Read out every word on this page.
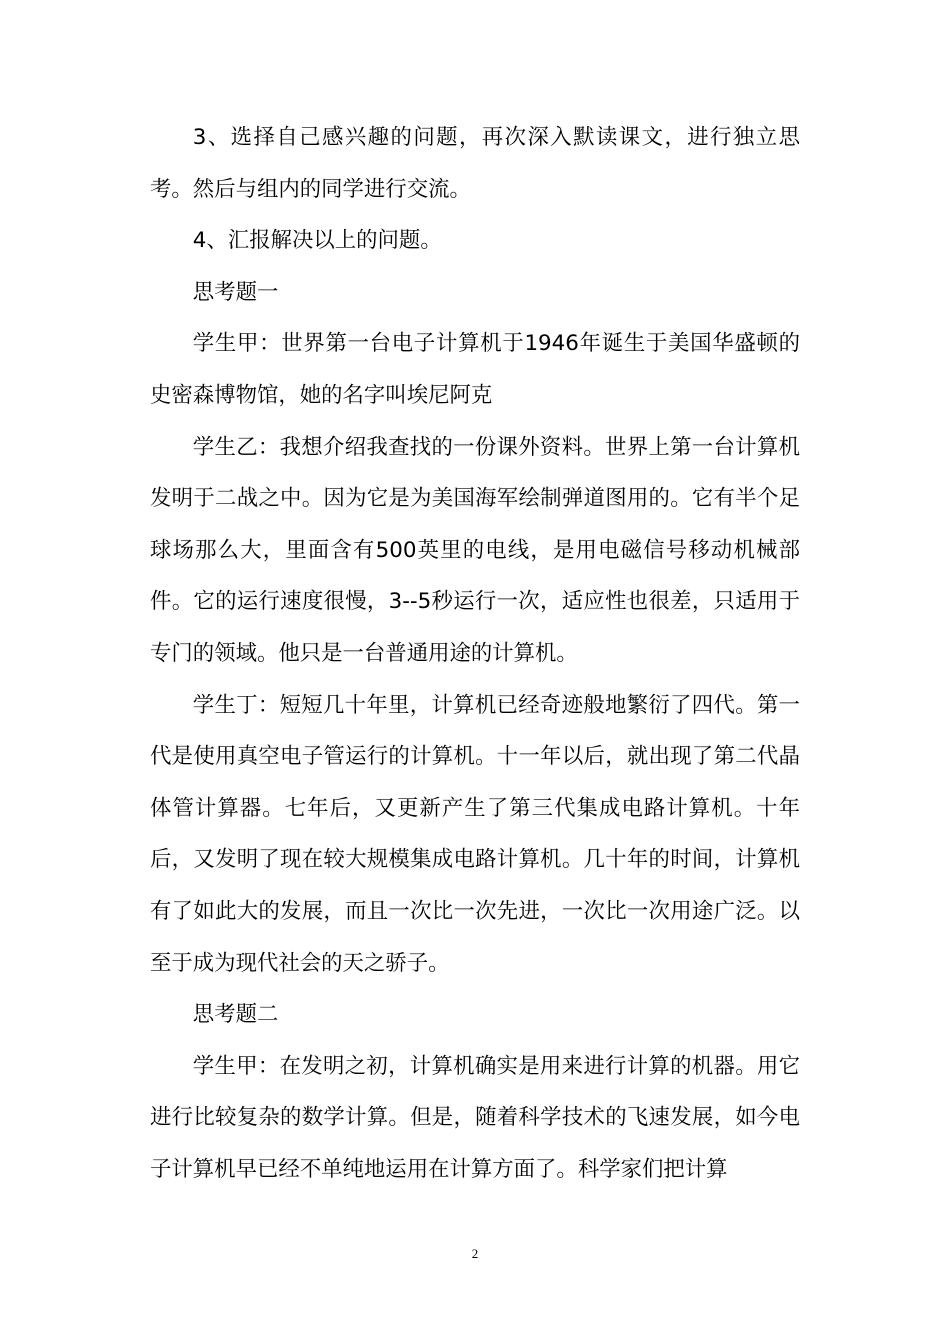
3、选择自己感兴趣的问题，再次深入默读课文，进行独立思考。然后与组内的同学进行交流。

4、汇报解决以上的问题。

思考题一

学生甲：世界第一台电子计算机于1946年诞生于美国华盛顿的史密森博物馆，她的名字叫埃尼阿克

学生乙：我想介绍我查找的一份课外资料。世界上第一台计算机发明于二战之中。因为它是为美国海军绘制弹道图用的。它有半个足球场那么大，里面含有500英里的电线，是用电磁信号移动机械部件。它的运行速度很慢，3--5秒运行一次，适应性也很差，只适用于专门的领域。他只是一台普通用途的计算机。

学生丁：短短几十年里，计算机已经奇迹般地繁衍了四代。第一代是使用真空电子管运行的计算机。十一年以后，就出现了第二代晶体管计算器。七年后，又更新产生了第三代集成电路计算机。十年后，又发明了现在较大规模集成电路计算机。几十年的时间，计算机有了如此大的发展，而且一次比一次先进，一次比一次用途广泛。以至于成为现代社会的天之骄子。

思考题二

学生甲：在发明之初，计算机确实是用来进行计算的机器。用它进行比较复杂的数学计算。但是，随着科学技术的飞速发展，如今电子计算机早已经不单纯地运用在计算方面了。科学家们把计算

2
